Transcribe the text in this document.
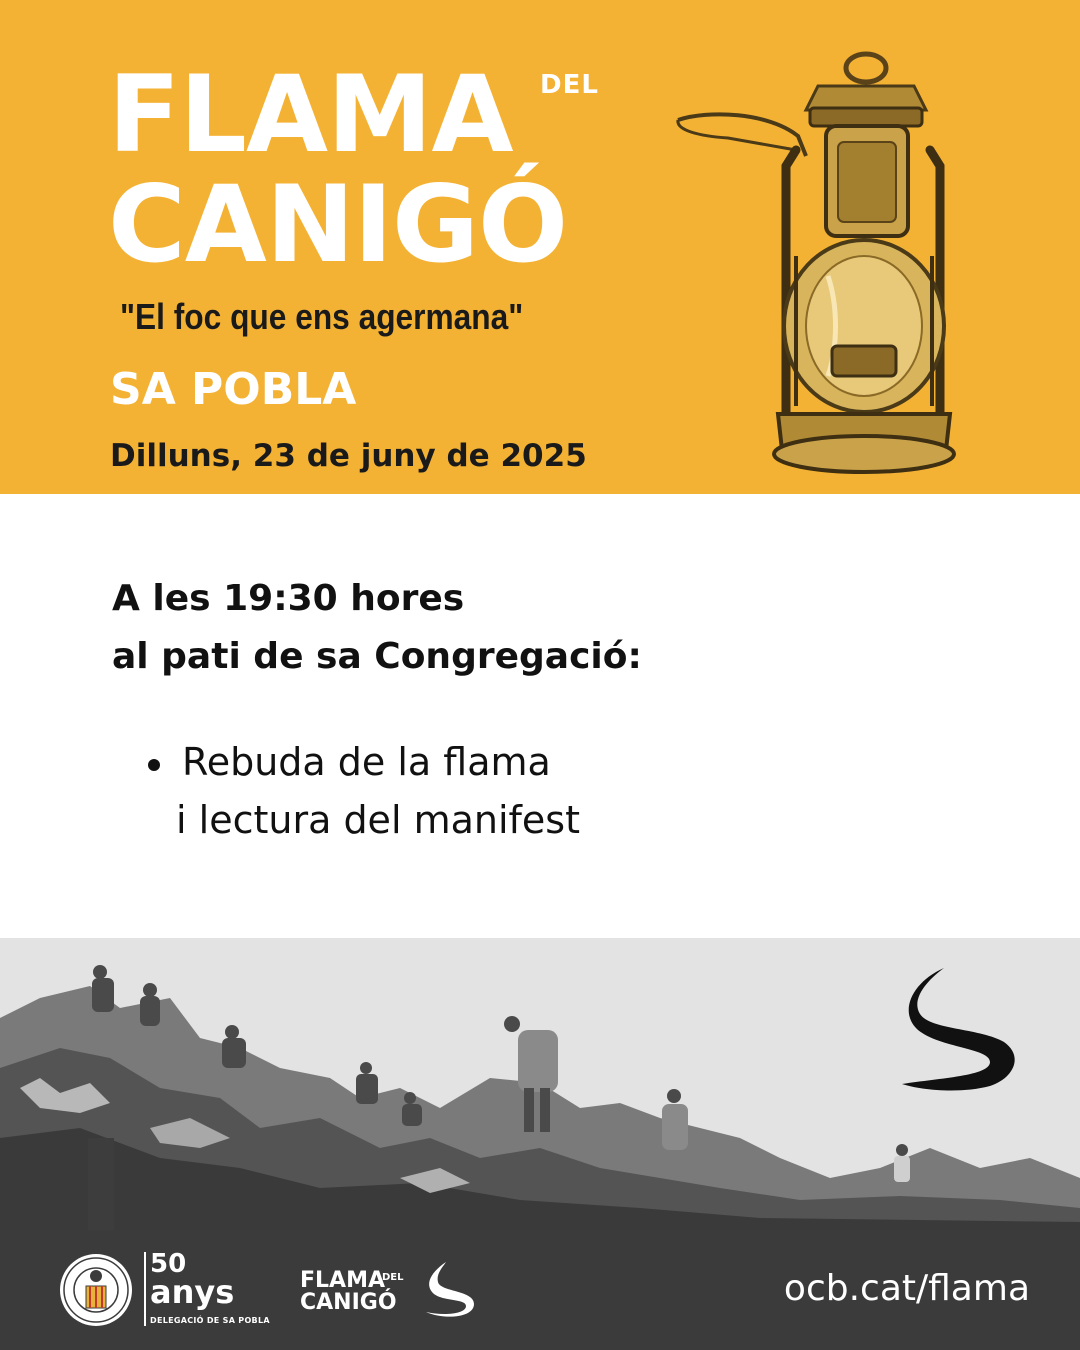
FLAMA DEL
CANIGÓ
"El foc que ens agermana"
SA POBLA
Dilluns, 23 de juny de 2025
A les 19:30 hores
al pati de sa Congregació:
Rebuda de la flama
i lectura del manifest
50
anys
DELEGACIÓ DE SA POBLA
FLAMA
DEL
CANIGÓ	ocb.cat/flama
